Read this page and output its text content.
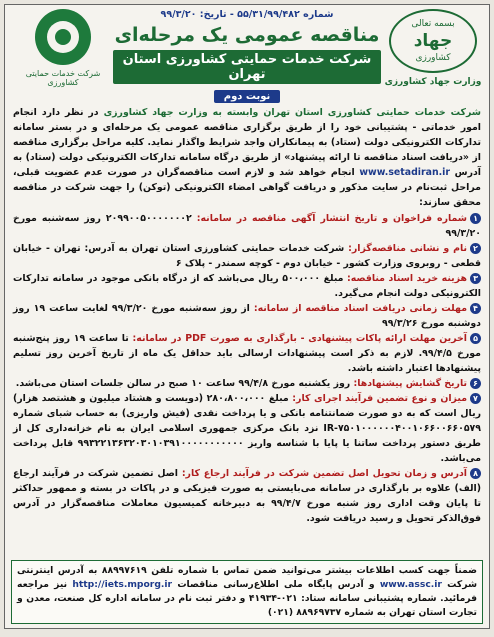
بسمه تعالی
جهاد
کشاورزی
وزارت جهاد کشاورزی
شماره ۵۵/۳۱/۹۹/۴۸۲ - تاریخ: ۹۹/۳/۲۰
مناقصه عمومی یک مرحله‌ای
شرکت خدمات حمایتی کشاورزی استان تهران
نوبت دوم
شرکت خدمات حمایتی کشاورزی

شرکت خدمات حمایتی کشاورزی استان تهران وابسته به وزارت جهاد کشاورزی در نظر دارد انجام امور خدماتی - پشتیبانی خود را از طریق برگزاری مناقصه عمومی یک مرحله‌ای و در بستر سامانه تدارکات الکترونیکی دولت (ستاد) به پیمانکاران واجد شرایط واگذار نماید. کلیه مراحل برگزاری مناقصه از «دریافت اسناد مناقصه تا ارائه پیشنهاد» از طریق درگاه سامانه تدارکات الکترونیکی دولت (ستاد) به آدرس www.setadiran.ir انجام خواهد شد و لازم است مناقصه‌گران در صورت عدم عضویت قبلی، مراحل ثبت‌نام در سایت مذکور و دریافت گواهی امضاء الکترونیکی (توکن) را جهت شرکت در مناقصه محقق سازند:

۱شماره فراخوان و تاریخ انتشار آگهی مناقصه در سامانه: ۲۰۹۹۰۰۵۰۰۰۰۰۰۰۲ روز سه‌شنبه مورخ ۹۹/۳/۲۰
۲نام و نشانی مناقصه‌گزار: شرکت خدمات حمایتی کشاورزی استان تهران به آدرس: تهران - خیابان قطعی - روبروی وزارت کشور - خیابان دوم - کوچه سمندر - پلاک ۶
۳هزینه خرید اسناد مناقصه: مبلغ ۵۰۰،۰۰۰ ریال می‌باشد که از درگاه بانکی موجود در سامانه تدارکات الکترونیکی دولت انجام می‌گیرد.
۴مهلت زمانی دریافت اسناد مناقصه از سامانه: از روز سه‌شنبه مورخ ۹۹/۳/۲۰ لغایت ساعت ۱۹ روز دوشنبه مورخ ۹۹/۳/۲۶
۵آخرین مهلت ارائه پاکات پیشنهادی - بارگذاری به صورت PDF در سامانه: تا ساعت ۱۹ روز پنج‌شنبه مورخ ۹۹/۴/۵. لازم به ذکر است پیشنهادات ارسالی باید حداقل یک ماه از تاریخ آخرین روز تسلیم پیشنهادها اعتبار داشته باشد.
۶تاریخ گشایش پیشنهادها: روز یکشنبه مورخ ۹۹/۴/۸ ساعت ۱۰ صبح در سالن جلسات استان می‌باشد.
۷میزان و نوع تضمین فرآیند اجرای کار: مبلغ ۲۸۰،۸۰۰،۰۰۰ (دویست و هشتاد میلیون و هشتصد هزار) ریال است که به دو صورت ضمانتنامه بانکی و یا پرداخت نقدی (فیش واریزی) به حساب شبای شماره IR-۷۵۰۱۰۰۰۰۰۰۴۰۰۱۰۶۶۰۰۶۶۰۵۷۹ نزد بانک مرکزی جمهوری اسلامی ایران به نام خزانه‌داری کل از طریق دستور پرداخت ساتنا یا پایا با شناسه واریز ۹۹۳۲۲۱۳۶۳۲۰۳۰۱۰۳۹۱۰۰۰۰۰۰۰۰۰۰۰ قابل پرداخت می‌باشد.
۸آدرس و زمان تحویل اصل تضمین شرکت در فرآیند ارجاع کار: اصل تضمین شرکت در فرآیند ارجاع (الف) علاوه بر بارگذاری در سامانه می‌بایستی به صورت فیزیکی و در پاکات در بسته و ممهور حداکثر تا پایان وقت اداری روز شنبه مورخ ۹۹/۴/۷ به دبیرخانه کمیسیون معاملات مناقصه‌گزار در آدرس فوق‌الذکر تحویل و رسید دریافت شود.
ضمناً جهت کسب اطلاعات بیشتر می‌توانید ضمن تماس با شماره تلفن ۸۸۹۹۷۶۱۹ به آدرس اینترنتی شرکت www.assc.ir و آدرس پایگاه ملی اطلاع‌رسانی مناقصات http://iets.mporg.ir نیز مراجعه فرمائید. شماره پشتیبانی سامانه ستاد: ۰۲۱-۴۱۹۳۴ و دفتر ثبت نام در سامانه اداره کل صنعت، معدن و تجارت استان تهران به شماره ۸۸۹۶۹۷۳۷ (۰۲۱)
